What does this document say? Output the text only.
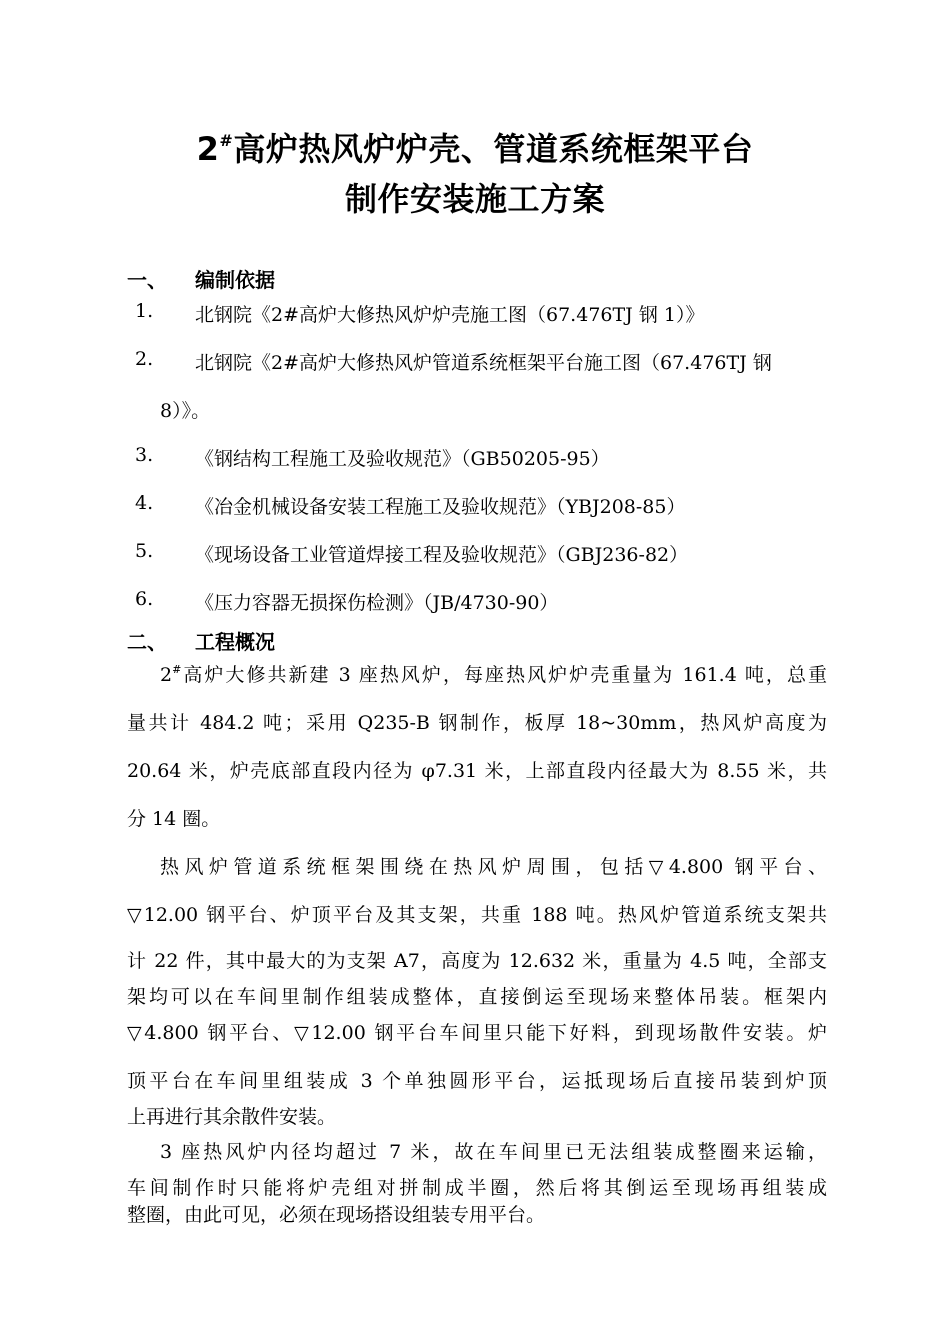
2#高炉热风炉炉壳、管道系统框架平台
制作安装施工方案
一、 编制依据
1. 北钢院《2#高炉大修热风炉炉壳施工图（67.476TJ 钢 1）》
2. 北钢院《2#高炉大修热风炉管道系统框架平台施工图（67.476TJ 钢
8）》。
3. 《钢结构工程施工及验收规范》（GB50205-95）
4. 《冶金机械设备安装工程施工及验收规范》（YBJ208-85）
5. 《现场设备工业管道焊接工程及验收规范》（GBJ236-82）
6. 《压力容器无损探伤检测》（JB/4730-90）
二、 工程概况
2#高炉大修共新建 3 座热风炉，每座热风炉炉壳重量为 161.4 吨，总重
量共计 484.2 吨；采用 Q235-B 钢制作，板厚 18~30mm，热风炉高度为
20.64 米，炉壳底部直段内径为 φ7.31 米，上部直段内径最大为 8.55 米，共
分 14 圈。
热风炉管道系统框架围绕在热风炉周围，包括▽4.800 钢平台、
▽12.00 钢平台、炉顶平台及其支架，共重 188 吨。热风炉管道系统支架共
计 22 件，其中最大的为支架 A7，高度为 12.632 米，重量为 4.5 吨，全部支
架均可以在车间里制作组装成整体，直接倒运至现场来整体吊装。框架内
▽4.800 钢平台、▽12.00 钢平台车间里只能下好料，到现场散件安装。炉
顶平台在车间里组装成 3 个单独圆形平台，运抵现场后直接吊装到炉顶
上再进行其余散件安装。
3 座热风炉内径均超过 7 米，故在车间里已无法组装成整圈来运输，
车间制作时只能将炉壳组对拼制成半圈，然后将其倒运至现场再组装成
整圈，由此可见，必须在现场搭设组装专用平台。
